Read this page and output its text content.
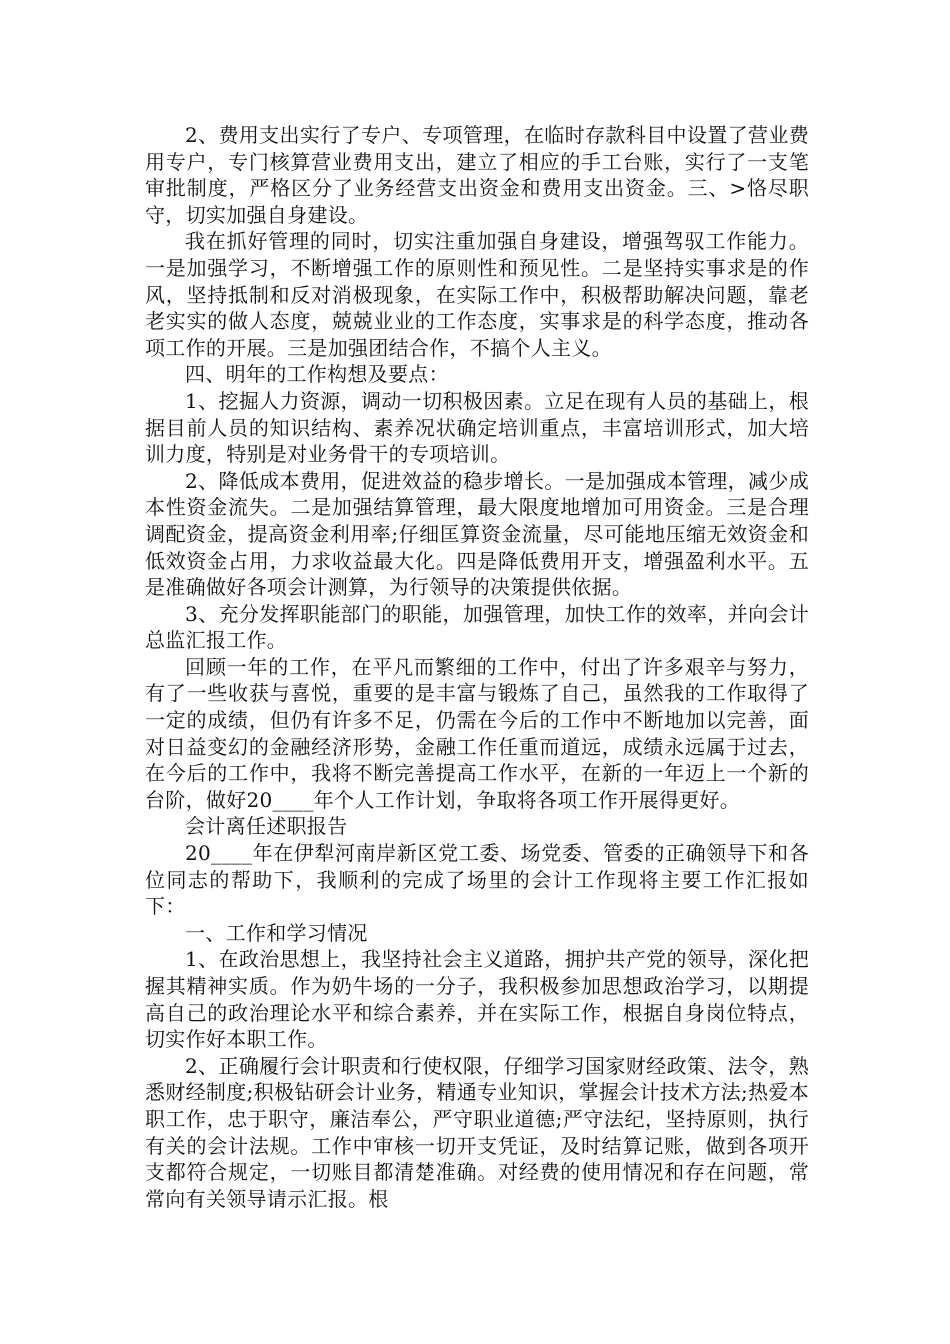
2、费用支出实行了专户、专项管理，在临时存款科目中设置了营业费用专户，专门核算营业费用支出，建立了相应的手工台账，实行了一支笔审批制度，严格区分了业务经营支出资金和费用支出资金。三、>恪尽职守，切实加强自身建设。

我在抓好管理的同时，切实注重加强自身建设，增强驾驭工作能力。一是加强学习，不断增强工作的原则性和预见性。二是坚持实事求是的作风，坚持抵制和反对消极现象，在实际工作中，积极帮助解决问题，靠老老实实的做人态度，兢兢业业的工作态度，实事求是的科学态度，推动各项工作的开展。三是加强团结合作，不搞个人主义。

四、明年的工作构想及要点：

1、挖掘人力资源，调动一切积极因素。立足在现有人员的基础上，根据目前人员的知识结构、素养况状确定培训重点，丰富培训形式，加大培训力度，特别是对业务骨干的专项培训。

2、降低成本费用，促进效益的稳步增长。一是加强成本管理，减少成本性资金流失。二是加强结算管理，最大限度地增加可用资金。三是合理调配资金，提高资金利用率;仔细匡算资金流量，尽可能地压缩无效资金和低效资金占用，力求收益最大化。四是降低费用开支，增强盈利水平。五是准确做好各项会计测算，为行领导的决策提供依据。

3、充分发挥职能部门的职能，加强管理，加快工作的效率，并向会计总监汇报工作。

回顾一年的工作，在平凡而繁细的工作中，付出了许多艰辛与努力，有了一些收获与喜悦，重要的是丰富与锻炼了自己，虽然我的工作取得了一定的成绩，但仍有许多不足，仍需在今后的工作中不断地加以完善，面对日益变幻的金融经济形势，金融工作任重而道远，成绩永远属于过去，在今后的工作中，我将不断完善提高工作水平，在新的一年迈上一个新的台阶，做好20____年个人工作计划，争取将各项工作开展得更好。

会计离任述职报告

20____年在伊犁河南岸新区党工委、场党委、管委的正确领导下和各位同志的帮助下，我顺利的完成了场里的会计工作现将主要工作汇报如下：

一、工作和学习情况

1、在政治思想上，我坚持社会主义道路，拥护共产党的领导，深化把握其精神实质。作为奶牛场的一分子，我积极参加思想政治学习，以期提高自己的政治理论水平和综合素养，并在实际工作，根据自身岗位特点，切实作好本职工作。

2、正确履行会计职责和行使权限，仔细学习国家财经政策、法令，熟悉财经制度;积极钻研会计业务，精通专业知识，掌握会计技术方法;热爱本职工作，忠于职守，廉洁奉公，严守职业道德;严守法纪，坚持原则，执行有关的会计法规。工作中审核一切开支凭证，及时结算记账，做到各项开支都符合规定，一切账目都清楚准确。对经费的使用情况和存在问题，常常向有关领导请示汇报。根
